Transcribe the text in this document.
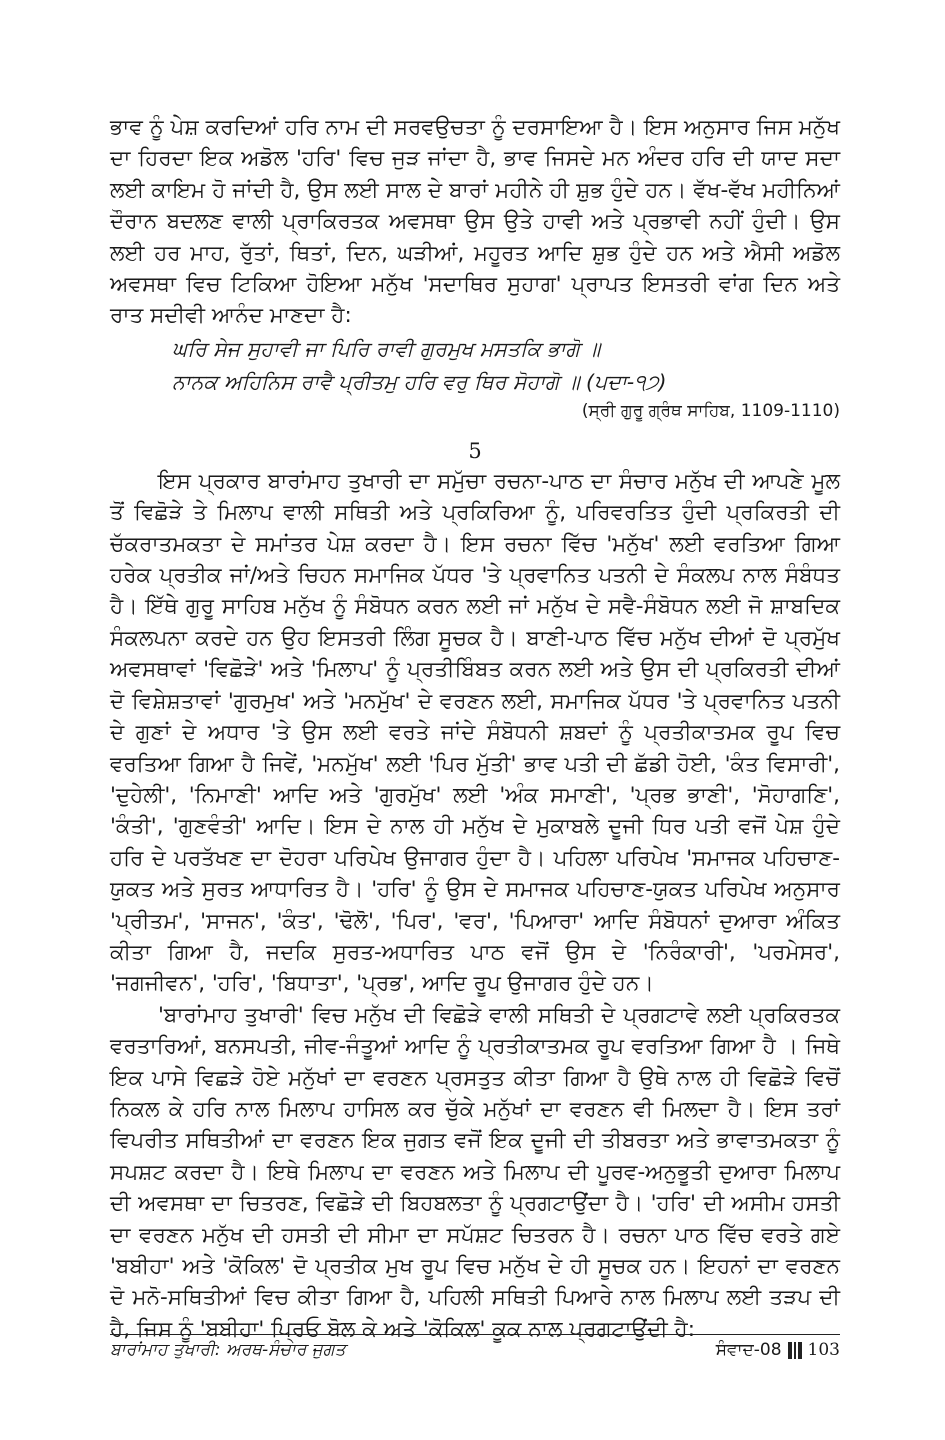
ਭਾਵ ਨੂੰ ਪੇਸ਼ ਕਰਦਿਆਂ ਹਰਿ ਨਾਮ ਦੀ ਸਰਵਉਚਤਾ ਨੂੰ ਦਰਸਾਇਆ ਹੈ। ਇਸ ਅਨੁਸਾਰ ਜਿਸ ਮਨੁੱਖ ਦਾ ਹਿਰਦਾ ਇਕ ਅਡੋਲ 'ਹਰਿ' ਵਿਚ ਜੁੜ ਜਾਂਦਾ ਹੈ, ਭਾਵ ਜਿਸਦੇ ਮਨ ਅੰਦਰ ਹਰਿ ਦੀ ਯਾਦ ਸਦਾ ਲਈ ਕਾਇਮ ਹੋ ਜਾਂਦੀ ਹੈ, ਉਸ ਲਈ ਸਾਲ ਦੇ ਬਾਰਾਂ ਮਹੀਨੇ ਹੀ ਸ਼ੁਭ ਹੁੰਦੇ ਹਨ। ਵੱਖ-ਵੱਖ ਮਹੀਨਿਆਂ ਦੌਰਾਨ ਬਦਲਣ ਵਾਲੀ ਪ੍ਰਾਕਿਰਤਕ ਅਵਸਥਾ ਉਸ ਉਤੇ ਹਾਵੀ ਅਤੇ ਪ੍ਰਭਾਵੀ ਨਹੀਂ ਹੁੰਦੀ। ਉਸ ਲਈ ਹਰ ਮਾਹ, ਰੁੱਤਾਂ, ਥਿਤਾਂ, ਦਿਨ, ਘੜੀਆਂ, ਮਹੂਰਤ ਆਦਿ ਸ਼ੁਭ ਹੁੰਦੇ ਹਨ ਅਤੇ ਐਸੀ ਅਡੋਲ ਅਵਸਥਾ ਵਿਚ ਟਿਕਿਆ ਹੋਇਆ ਮਨੁੱਖ 'ਸਦਾਥਿਰ ਸੁਹਾਗ' ਪ੍ਰਾਪਤ ਇਸਤਰੀ ਵਾਂਗ ਦਿਨ ਅਤੇ ਰਾਤ ਸਦੀਵੀ ਆਨੰਦ ਮਾਣਦਾ ਹੈ:

ਘਰਿ ਸੇਜ ਸੁਹਾਵੀ ਜਾ ਪਿਰਿ ਰਾਵੀ ਗੁਰਮੁਖ ਮਸਤਕਿ ਭਾਗੋ ॥
ਨਾਨਕ ਅਹਿਨਿਸ ਰਾਵੈ ਪ੍ਰੀਤਮੁ ਹਰਿ ਵਰੁ ਥਿਰ ਸੋਹਾਗੋ ॥ (ਪਦਾ-੧੭)

(ਸ੍ਰੀ ਗੁਰੂ ਗ੍ਰੰਥ ਸਾਹਿਬ, 1109-1110)

5

ਇਸ ਪ੍ਰਕਾਰ ਬਾਰਾਂਮਾਹ ਤੁਖਾਰੀ ਦਾ ਸਮੁੱਚਾ ਰਚਨਾ-ਪਾਠ ਦਾ ਸੰਚਾਰ ਮਨੁੱਖ ਦੀ ਆਪਣੇ ਮੂਲ ਤੋਂ ਵਿਛੋੜੇ ਤੇ ਮਿਲਾਪ ਵਾਲੀ ਸਥਿਤੀ ਅਤੇ ਪ੍ਰਕਿਰਿਆ ਨੂੰ, ਪਰਿਵਰਤਿਤ ਹੁੰਦੀ ਪ੍ਰਕਿਰਤੀ ਦੀ ਚੱਕਰਾਤਮਕਤਾ ਦੇ ਸਮਾਂਤਰ ਪੇਸ਼ ਕਰਦਾ ਹੈ। ਇਸ ਰਚਨਾ ਵਿੱਚ 'ਮਨੁੱਖ' ਲਈ ਵਰਤਿਆ ਗਿਆ ਹਰੇਕ ਪ੍ਰਤੀਕ ਜਾਂ/ਅਤੇ ਚਿਹਨ ਸਮਾਜਿਕ ਪੱਧਰ 'ਤੇ ਪ੍ਰਵਾਨਿਤ ਪਤਨੀ ਦੇ ਸੰਕਲਪ ਨਾਲ ਸੰਬੰਧਤ ਹੈ। ਇੱਥੇ ਗੁਰੂ ਸਾਹਿਬ ਮਨੁੱਖ ਨੂੰ ਸੰਬੋਧਨ ਕਰਨ ਲਈ ਜਾਂ ਮਨੁੱਖ ਦੇ ਸਵੈ-ਸੰਬੋਧਨ ਲਈ ਜੋ ਸ਼ਾਬਦਿਕ ਸੰਕਲਪਨਾ ਕਰਦੇ ਹਨ ਉਹ ਇਸਤਰੀ ਲਿੰਗ ਸੂਚਕ ਹੈ। ਬਾਣੀ-ਪਾਠ ਵਿੱਚ ਮਨੁੱਖ ਦੀਆਂ ਦੋ ਪ੍ਰਮੁੱਖ ਅਵਸਥਾਵਾਂ 'ਵਿਛੋੜੇ' ਅਤੇ 'ਮਿਲਾਪ' ਨੂੰ ਪ੍ਰਤੀਬਿੰਬਤ ਕਰਨ ਲਈ ਅਤੇ ਉਸ ਦੀ ਪ੍ਰਕਿਰਤੀ ਦੀਆਂ ਦੋ ਵਿਸ਼ੇਸ਼ਤਾਵਾਂ 'ਗੁਰਮੁਖ' ਅਤੇ 'ਮਨਮੁੱਖ' ਦੇ ਵਰਣਨ ਲਈ, ਸਮਾਜਿਕ ਪੱਧਰ 'ਤੇ ਪ੍ਰਵਾਨਿਤ ਪਤਨੀ ਦੇ ਗੁਣਾਂ ਦੇ ਅਧਾਰ 'ਤੇ ਉਸ ਲਈ ਵਰਤੇ ਜਾਂਦੇ ਸੰਬੋਧਨੀ ਸ਼ਬਦਾਂ ਨੂੰ ਪ੍ਰਤੀਕਾਤਮਕ ਰੂਪ ਵਿਚ ਵਰਤਿਆ ਗਿਆ ਹੈ ਜਿਵੇਂ, 'ਮਨਮੁੱਖ' ਲਈ 'ਪਿਰ ਮੁੱਤੀ' ਭਾਵ ਪਤੀ ਦੀ ਛੱਡੀ ਹੋਈ, 'ਕੰਤ ਵਿਸਾਰੀ', 'ਦੁਹੇਲੀ', 'ਨਿਮਾਣੀ' ਆਦਿ ਅਤੇ 'ਗੁਰਮੁੱਖ' ਲਈ 'ਅੰਕ ਸਮਾਣੀ', 'ਪ੍ਰਭ ਭਾਣੀ', 'ਸੋਹਾਗਣਿ', 'ਕੰਤੀ', 'ਗੁਣਵੰਤੀ' ਆਦਿ। ਇਸ ਦੇ ਨਾਲ ਹੀ ਮਨੁੱਖ ਦੇ ਮੁਕਾਬਲੇ ਦੂਜੀ ਧਿਰ ਪਤੀ ਵਜੋਂ ਪੇਸ਼ ਹੁੰਦੇ ਹਰਿ ਦੇ ਪਰਤੱਖਣ ਦਾ ਦੋਹਰਾ ਪਰਿਪੇਖ ਉਜਾਗਰ ਹੁੰਦਾ ਹੈ। ਪਹਿਲਾ ਪਰਿਪੇਖ 'ਸਮਾਜਕ ਪਹਿਚਾਣ-ਯੁਕਤ ਅਤੇ ਸੁਰਤ ਆਧਾਰਿਤ ਹੈ। 'ਹਰਿ' ਨੂੰ ਉਸ ਦੇ ਸਮਾਜਕ ਪਹਿਚਾਣ-ਯੁਕਤ ਪਰਿਪੇਖ ਅਨੁਸਾਰ 'ਪ੍ਰੀਤਮ', 'ਸਾਜਨ', 'ਕੰਤ', 'ਢੋਲੋ', 'ਪਿਰ', 'ਵਰ', 'ਪਿਆਰਾ' ਆਦਿ ਸੰਬੋਧਨਾਂ ਦੁਆਰਾ ਅੰਕਿਤ ਕੀਤਾ ਗਿਆ ਹੈ, ਜਦਕਿ ਸੁਰਤ-ਅਧਾਰਿਤ ਪਾਠ ਵਜੋਂ ਉਸ ਦੇ 'ਨਿਰੰਕਾਰੀ', 'ਪਰਮੇਸਰ', 'ਜਗਜੀਵਨ', 'ਹਰਿ', 'ਬਿਧਾਤਾ', 'ਪ੍ਰਭ', ਆਦਿ ਰੂਪ ਉਜਾਗਰ ਹੁੰਦੇ ਹਨ।

'ਬਾਰਾਂਮਾਹ ਤੁਖਾਰੀ' ਵਿਚ ਮਨੁੱਖ ਦੀ ਵਿਛੋੜੇ ਵਾਲੀ ਸਥਿਤੀ ਦੇ ਪ੍ਰਗਟਾਵੇ ਲਈ ਪ੍ਰਕਿਰਤਕ ਵਰਤਾਰਿਆਂ, ਬਨਸਪਤੀ, ਜੀਵ-ਜੰਤੂਆਂ ਆਦਿ ਨੂੰ ਪ੍ਰਤੀਕਾਤਮਕ ਰੂਪ ਵਰਤਿਆ ਗਿਆ ਹੈ । ਜਿਥੇ ਇਕ ਪਾਸੇ ਵਿਛੜੇ ਹੋਏ ਮਨੁੱਖਾਂ ਦਾ ਵਰਣਨ ਪ੍ਰਸਤੁਤ ਕੀਤਾ ਗਿਆ ਹੈ ਉਥੇ ਨਾਲ ਹੀ ਵਿਛੋੜੇ ਵਿਚੋਂ ਨਿਕਲ ਕੇ ਹਰਿ ਨਾਲ ਮਿਲਾਪ ਹਾਸਿਲ ਕਰ ਚੁੱਕੇ ਮਨੁੱਖਾਂ ਦਾ ਵਰਣਨ ਵੀ ਮਿਲਦਾ ਹੈ। ਇਸ ਤਰਾਂ ਵਿਪਰੀਤ ਸਥਿਤੀਆਂ ਦਾ ਵਰਣਨ ਇਕ ਜੁਗਤ ਵਜੋਂ ਇਕ ਦੂਜੀ ਦੀ ਤੀਬਰਤਾ ਅਤੇ ਭਾਵਾਤਮਕਤਾ ਨੂੰ ਸਪਸ਼ਟ ਕਰਦਾ ਹੈ। ਇਥੇ ਮਿਲਾਪ ਦਾ ਵਰਣਨ ਅਤੇ ਮਿਲਾਪ ਦੀ ਪੂਰਵ-ਅਨੁਭੂਤੀ ਦੁਆਰਾ ਮਿਲਾਪ ਦੀ ਅਵਸਥਾ ਦਾ ਚਿਤਰਣ, ਵਿਛੋੜੇ ਦੀ ਬਿਹਬਲਤਾ ਨੂੰ ਪ੍ਰਗਟਾਉਂਦਾ ਹੈ। 'ਹਰਿ' ਦੀ ਅਸੀਮ ਹਸਤੀ ਦਾ ਵਰਣਨ ਮਨੁੱਖ ਦੀ ਹਸਤੀ ਦੀ ਸੀਮਾ ਦਾ ਸਪੱਸ਼ਟ ਚਿਤਰਨ ਹੈ। ਰਚਨਾ ਪਾਠ ਵਿੱਚ ਵਰਤੇ ਗਏ 'ਬਬੀਹਾ' ਅਤੇ 'ਕੋਕਿਲ' ਦੋ ਪ੍ਰਤੀਕ ਮੁਖ ਰੂਪ ਵਿਚ ਮਨੁੱਖ ਦੇ ਹੀ ਸੂਚਕ ਹਨ। ਇਹਨਾਂ ਦਾ ਵਰਣਨ ਦੋ ਮਨੋ-ਸਥਿਤੀਆਂ ਵਿਚ ਕੀਤਾ ਗਿਆ ਹੈ, ਪਹਿਲੀ ਸਥਿਤੀ ਪਿਆਰੇ ਨਾਲ ਮਿਲਾਪ ਲਈ ਤੜਪ ਦੀ ਹੈ, ਜਿਸ ਨੂੰ 'ਬਬੀਹਾ' ਪ੍ਰਿਓ ਬੋਲ ਕੇ ਅਤੇ 'ਕੋਕਿਲ' ਕੂਕ ਨਾਲ ਪ੍ਰਗਟਾਉਂਦੀ ਹੈ:

ਬਾਰਾਂਮਾਹ ਤੁਖਾਰੀ: ਅਰਥ-ਸੰਚਾਰ ਜੁਗਤ	ਸੰਵਾਦ-08 103
